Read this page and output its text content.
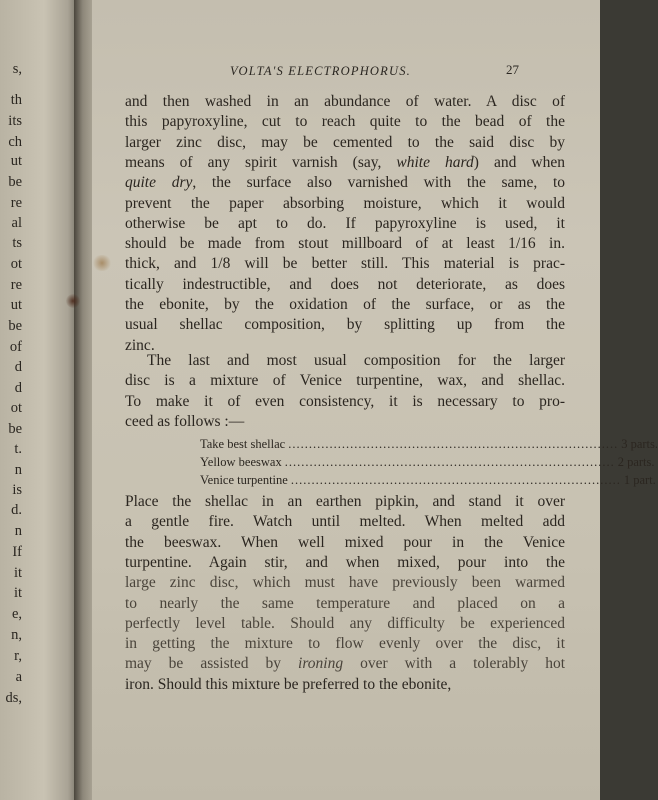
s,
th
its
ch
ut
be
re
al
ts
ot
re
ut
be
of
d
d
ot
be
t.
n
is
d.
n
If
it
it
e,
n,
r,
a
ds,
VOLTA'S ELECTROPHORUS.	27
and then washed in an abundance of water. A disc of
this papyroxyline, cut to reach quite to the bead of the
larger zinc disc, may be cemented to the said disc by
means of any spirit varnish (say, white hard) and when
quite dry, the surface also varnished with the same, to
prevent the paper absorbing moisture, which it would
otherwise be apt to do. If papyroxyline is used, it
should be made from stout millboard of at least 1/16 in.
thick, and 1/8 will be better still. This material is prac-
tically indestructible, and does not deteriorate, as does
the ebonite, by the oxidation of the surface, or as the
usual shellac composition, by splitting up from the
zinc.
The last and most usual composition for the larger
disc is a mixture of Venice turpentine, wax, and shellac.
To make it of even consistency, it is necessary to pro-
ceed as follows :—
Take best shellac ................................................................................ 3 parts.
Yellow beeswax ................................................................................ 2 parts.
Venice turpentine ................................................................................ 1 part.
Place the shellac in an earthen pipkin, and stand it over
a gentle fire. Watch until melted. When melted add
the beeswax. When well mixed pour in the Venice
turpentine. Again stir, and when mixed, pour into the
large zinc disc, which must have previously been warmed
to nearly the same temperature and placed on a
perfectly level table. Should any difficulty be experienced
in getting the mixture to flow evenly over the disc, it
may be assisted by ironing over with a tolerably hot
iron. Should this mixture be preferred to the ebonite,
